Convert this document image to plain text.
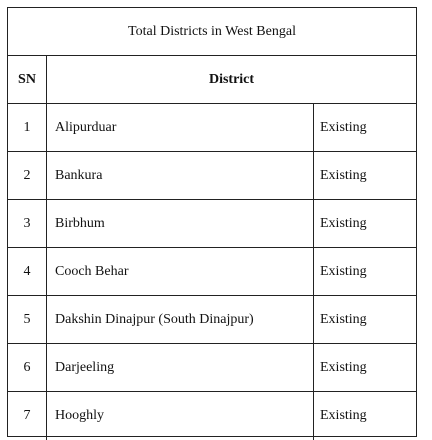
Total Districts in West Bengal
SN	District
1	Alipurduar	Existing
2	Bankura	Existing
3	Birbhum	Existing
4	Cooch Behar	Existing
5	Dakshin Dinajpur (South Dinajpur)	Existing
6	Darjeeling	Existing
7	Hooghly	Existing
